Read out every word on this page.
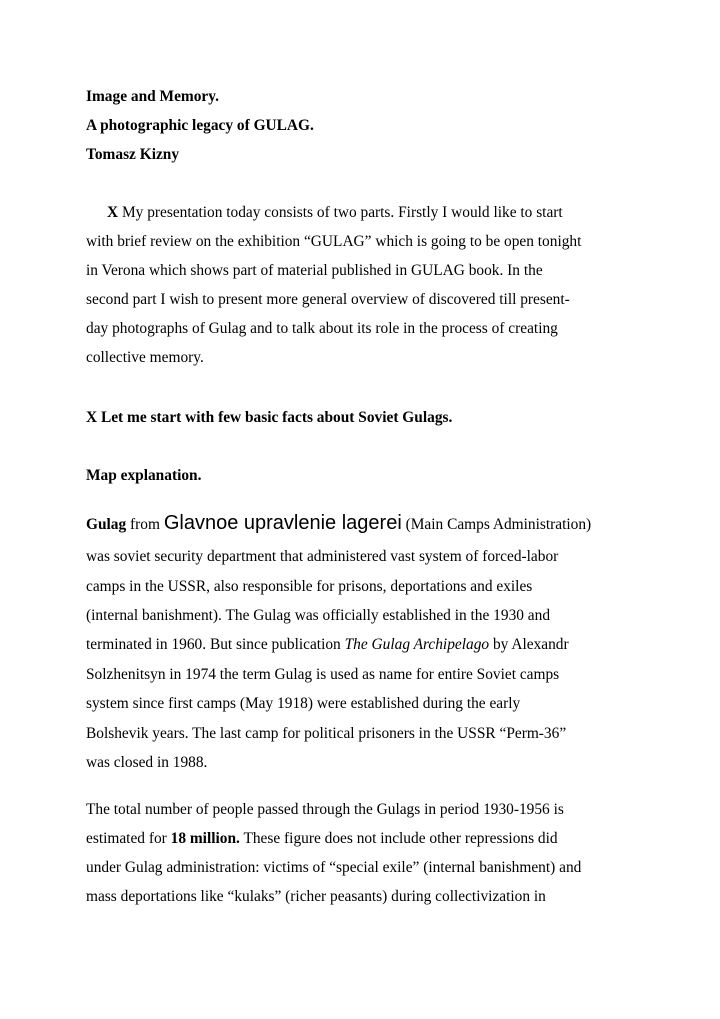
Image and Memory.
A photographic legacy of GULAG.
Tomasz Kizny
X My presentation today consists of two parts. Firstly I would like to start
with brief review on the exhibition “GULAG” which is going to be open tonight
in Verona which shows part of material published in GULAG book. In the
second part I wish to present more general overview of discovered till present-
day photographs of Gulag and to talk about its role in the process of creating
collective memory.
X Let me start with few basic facts about Soviet Gulags.
Map explanation.
Gulag from Glavnoe upravlenie lagerei (Main Camps Administration)
was soviet security department that administered vast system of forced-labor
camps in the USSR, also responsible for prisons, deportations and exiles
(internal banishment). The Gulag was officially established in the 1930 and
terminated in 1960. But since publication The Gulag Archipelago by Alexandr
Solzhenitsyn in 1974 the term Gulag is used as name for entire Soviet camps
system since first camps (May 1918) were established during the early
Bolshevik years. The last camp for political prisoners in the USSR “Perm-36”
was closed in 1988.
The total number of people passed through the Gulags in period 1930-1956 is
estimated for 18 million. These figure does not include other repressions did
under Gulag administration: victims of “special exile” (internal banishment) and
mass deportations like “kulaks” (richer peasants) during collectivization in
